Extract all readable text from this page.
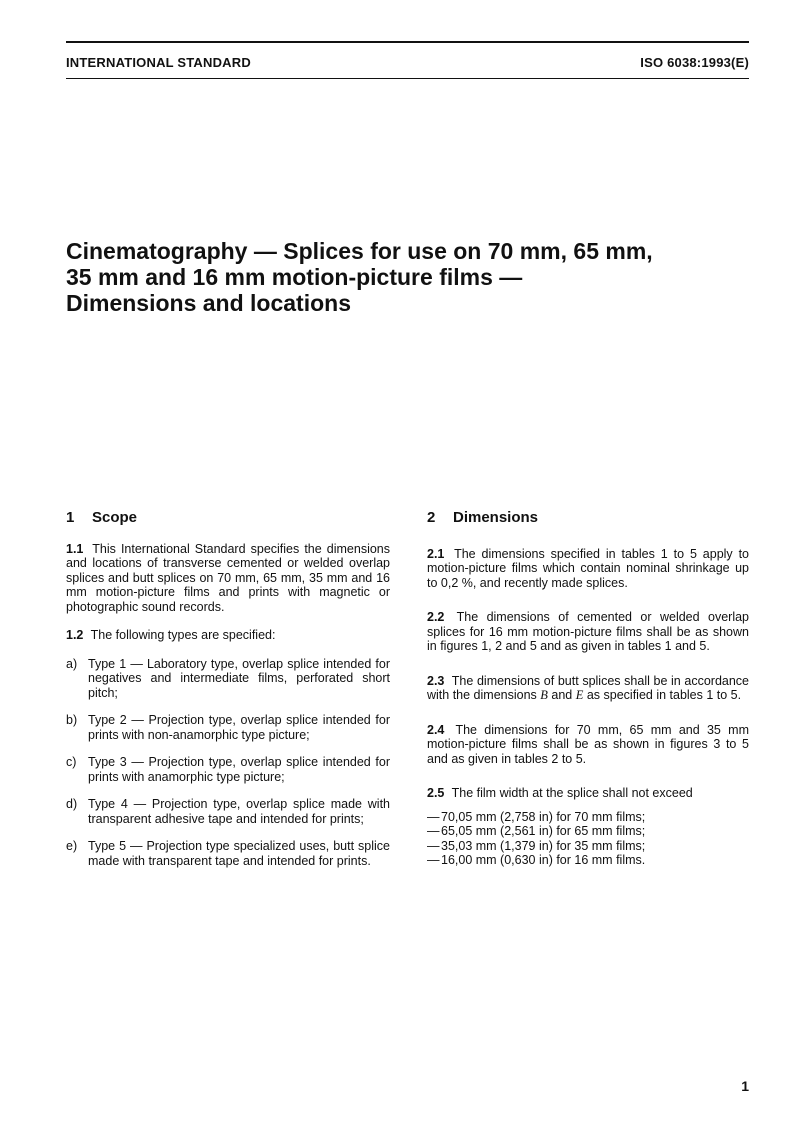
INTERNATIONAL STANDARD	ISO 6038:1993(E)
Cinematography — Splices for use on 70 mm, 65 mm,
35 mm and 16 mm motion-picture films —
Dimensions and locations
1 Scope

1.1 This International Standard specifies the dimensions and locations of transverse cemented or welded overlap splices and butt splices on 70 mm, 65 mm, 35 mm and 16 mm motion-picture films and prints with magnetic or photographic sound records.

1.2 The following types are specified:

a) Type 1 — Laboratory type, overlap splice intended for negatives and intermediate films, perforated short pitch;
b) Type 2 — Projection type, overlap splice intended for prints with non-anamorphic type picture;
c) Type 3 — Projection type, overlap splice intended for prints with anamorphic type picture;
d) Type 4 — Projection type, overlap splice made with transparent adhesive tape and intended for prints;
e) Type 5 — Projection type specialized uses, butt splice made with transparent tape and intended for prints.
2 Dimensions

2.1 The dimensions specified in tables 1 to 5 apply to motion-picture films which contain nominal shrinkage up to 0,2 %, and recently made splices.

2.2 The dimensions of cemented or welded overlap splices for 16 mm motion-picture films shall be as shown in figures 1, 2 and 5 and as given in tables 1 and 5.

2.3 The dimensions of butt splices shall be in accordance with the dimensions B and E as specified in tables 1 to 5.

2.4 The dimensions for 70 mm, 65 mm and 35 mm motion-picture films shall be as shown in figures 3 to 5 and as given in tables 2 to 5.

2.5 The film width at the splice shall not exceed

— 70,05 mm (2,758 in) for 70 mm films;
— 65,05 mm (2,561 in) for 65 mm films;
— 35,03 mm (1,379 in) for 35 mm films;
— 16,00 mm (0,630 in) for 16 mm films.
1
